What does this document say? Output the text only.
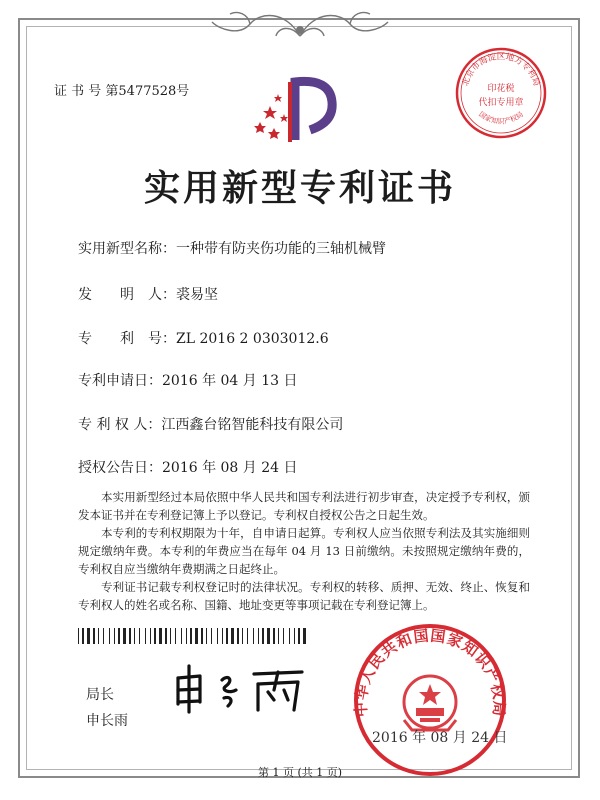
证 书 号 第5477528号
实用新型专利证书
实用新型名称：一种带有防夹伤功能的三轴机械臂
发　　明　人：裘易坚
专　　利　号：ZL 2016 2 0303012.6
专利申请日：2016 年 04 月 13 日
专 利 权 人：江西鑫台铭智能科技有限公司
授权公告日：2016 年 08 月 24 日

本实用新型经过本局依照中华人民共和国专利法进行初步审查，决定授予专利权，颁发本证书并在专利登记簿上予以登记。专利权自授权公告之日起生效。

本专利的专利权期限为十年，自申请日起算。专利权人应当依照专利法及其实施细则规定缴纳年费。本专利的年费应当在每年 04 月 13 日前缴纳。未按照规定缴纳年费的，专利权自应当缴纳年费期满之日起终止。

专利证书记载专利权登记时的法律状况。专利权的转移、质押、无效、终止、恢复和专利权人的姓名或名称、国籍、地址变更等事项记载在专利登记簿上。

局长
申长雨
北京市海淀区地方专利局
国家知识产权局
印花税
代扣专用章
中华人民共和国国家知识产权局
2016 年 08 月 24 日
第 1 页 (共 1 页)
